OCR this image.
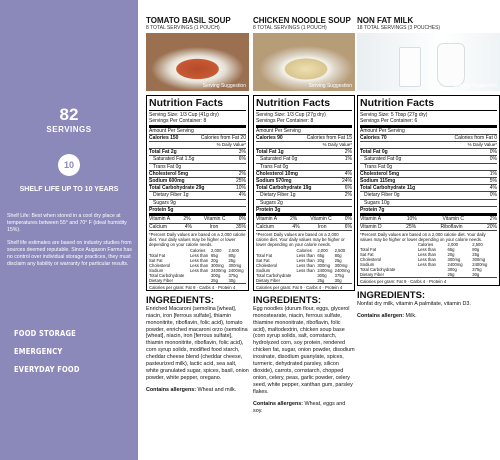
82
SERVINGS
10
SHELF LIFE UP TO 10 YEARS

Shelf Life: Best when stored in a cool dry place at temperatures between 55° and 70° F (ideal humidity 15%).

Shelf life estimates are based on industry studies from sources deemed reputable. Since Augason Farms has no control over individual storage practices, they must disclaim any liability or warranty for particular results.

FOOD STORAGE
EMERGENCY
EVERYDAY FOOD
TOMATO BASIL SOUP
8 TOTAL SERVINGS (1 POUCH)
Serving Suggestion
Nutrition Facts
Serving Size: 1/3 Cup (41g dry)
Servings Per Container: 8
Amount Per Serving
Calories 150	Calories from Fat 20
% Daily Value*
Total Fat 2g	3%
Saturated Fat 1.5g	6%
Trans Fat 0g
Cholesterol 5mg	2%
Sodium 600mg	25%
Total Carbohydrate 29g	10%
Dietary Fiber 1g	4%
Sugars 9g
Protein 5g
Vitamin A	2%	Vitamin C	0%
Calcium	4%	Iron	35%
*Percent Daily values are based on a 2,000 calorie diet. Your daily values may be higher or lower depending on your calorie needs.
	Calories	2,000	2,500
Total Fat	Less than	65g	80g
Sat Fat	Less than	20g	25g
Cholesterol	Less than	300mg	300mg
Sodium	Less than	2400mg	2400mg
Total Carbohydrate		300g	375g
Dietary Fiber		25g	30g
Calories per gram: Fat 9 · Carbs 4 · Protein 4
INGREDIENTS:
Enriched Macaroni (semolina [wheat], niacin, iron [ferrous sulfate], thiamin mononitrite, riboflavin, folic acid), tomato powder, enriched macaroni orzo (semolina [wheat], niacin, iron [ferrous sulfate], thiamin mononitrite, riboflavin, folic acid), corn syrup solids, modified food starch, cheddar cheese blend (cheddar cheese, pasteurized milk), lactic acid, sea salt, white granulated sugar, spices, basil, onion powder, white pepper, oregano.
Contains allergens: Wheat and milk.
CHICKEN NOODLE SOUP
8 TOTAL SERVINGS (1 POUCH)
Serving Suggestion
Nutrition Facts
Serving Size: 1/3 Cup (27g dry)
Servings Per Container: 8
Amount Per Serving
Calories 90	Calories from Fat 15
% Daily Value*
Total Fat 1g	2%
Saturated Fat 0g	1%
Trans Fat 0g
Cholesterol 10mg	4%
Sodium 570mg	24%
Total Carbohydrate 19g	6%
Dietary Fiber 1g	2%
Sugars 2g
Protein 3g
Vitamin A	2%	Vitamin C	0%
Calcium	4%	Iron	6%
*Percent Daily values are based on a 2,000 calorie diet. Your daily values may be higher or lower depending on your calorie needs.
	Calories	2,000	2,500
Total Fat	Less than	65g	80g
Sat Fat	Less than	20g	25g
Cholesterol	Less than	300mg	300mg
Sodium	Less than	2400mg	2400mg
Total Carbohydrate		300g	375g
Dietary Fiber		25g	30g
Calories per gram: Fat 9 · Carbs 4 · Protein 4
INGREDIENTS:
Egg noodles (durum flour, eggs, glycerol monostearate, niacin, ferrous sulfate, thiamine mononitrate, riboflavin, folic acid), maltodextrin, chicken soup base (corn syrup solids, salt, cornstarch, hydrolyzed corn, soy protein, rendered chicken fat, sugar, onion powder, disodium inosinate, disodium guanylate, spices, turmeric, dehydrated parsley, silicon dioxide), carrots, cornstarch, chopped onion, celery, peas, garlic powder, celery seed, white pepper, xanthan gum, parsley flakes.
Contains allergens: Wheat, eggs and soy.
NON FAT MILK
18 TOTAL SERVINGS (3 POUCHES)
Serving Suggestion
Nutrition Facts
Serving Size: 5 Tbsp (27g dry)
Servings Per Container: 6
Amount Per Serving
Calories 70	Calories from Fat 0
% Daily Value*
Total Fat 0g	0%
Saturated Fat 0g	0%
Trans Fat 0g
Cholesterol 5mg	1%
Sodium 115mg	5%
Total Carbohydrate 11g	4%
Dietary Fiber 0g	0%
Sugars 10g
Protein 7g
Vitamin A	10%	Vitamin C	2%
Vitamin D	25%	Riboflavin	20%
*Percent Daily values are based on a 2,000 calorie diet. Your daily values may be higher or lower depending on your calorie needs.
	Calories	2,000	2,500
Total Fat	Less than	65g	80g
Sat Fat	Less than	20g	25g
Cholesterol	Less than	300mg	300mg
Sodium	Less than	2400mg	2400mg
Total Carbohydrate		300g	375g
Dietary Fiber		25g	30g
Calories per gram: Fat 9 · Carbs 4 · Protein 4
INGREDIENTS:
Nonfat dry milk, vitamin A palmitate, vitamin D3.
Contains allergen: Milk.
